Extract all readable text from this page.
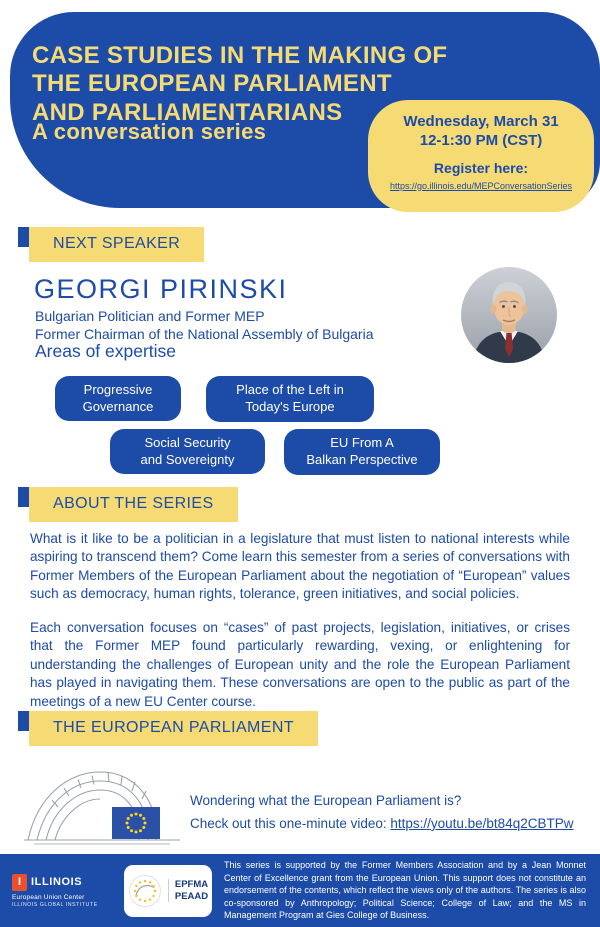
CASE STUDIES IN THE MAKING OF
THE EUROPEAN PARLIAMENT
AND PARLIAMENTARIANS
A conversation series	Wednesday, March 31
12-1:30 PM (CST)
Register here:
https://go.illinois.edu/MEPConversationSeries
NEXT SPEAKER
GEORGI PIRINSKI
Bulgarian Politician and Former MEP
Former Chairman of the National Assembly of Bulgaria
Areas of expertise
Progressive
Governance
Place of the Left in
Today's Europe
Social Security
and Sovereignty
EU From A
Balkan Perspective
ABOUT THE SERIES

What is it like to be a politician in a legislature that must listen to national interests while aspiring to transcend them? Come learn this semester from a series of conversations with Former Members of the European Parliament about the negotiation of “European” values such as democracy, human rights, tolerance, green initiatives, and social policies.

Each conversation focuses on “cases” of past projects, legislation, initiatives, or crises that the Former MEP found particularly rewarding, vexing, or enlightening for understanding the challenges of European unity and the role the European Parliament has played in navigating them. These conversations are open to the public as part of the meetings of a new EU Center course.

THE EUROPEAN PARLIAMENT
Wondering what the European Parliament is?
Check out this one-minute video: https://youtu.be/bt84q2CBTPw
I ILLINOIS
European Union Center
ILLINOIS GLOBAL INSTITUTE
EPFMA
PEAAD

This series is supported by the Former Members Association and by a Jean Monnet Center of Excellence grant from the European Union. This support does not constitute an endorsement of the contents, which reflect the views only of the authors. The series is also co-sponsored by Anthropology; Political Science; College of Law; and the MS in Management Program at Gies College of Business.
